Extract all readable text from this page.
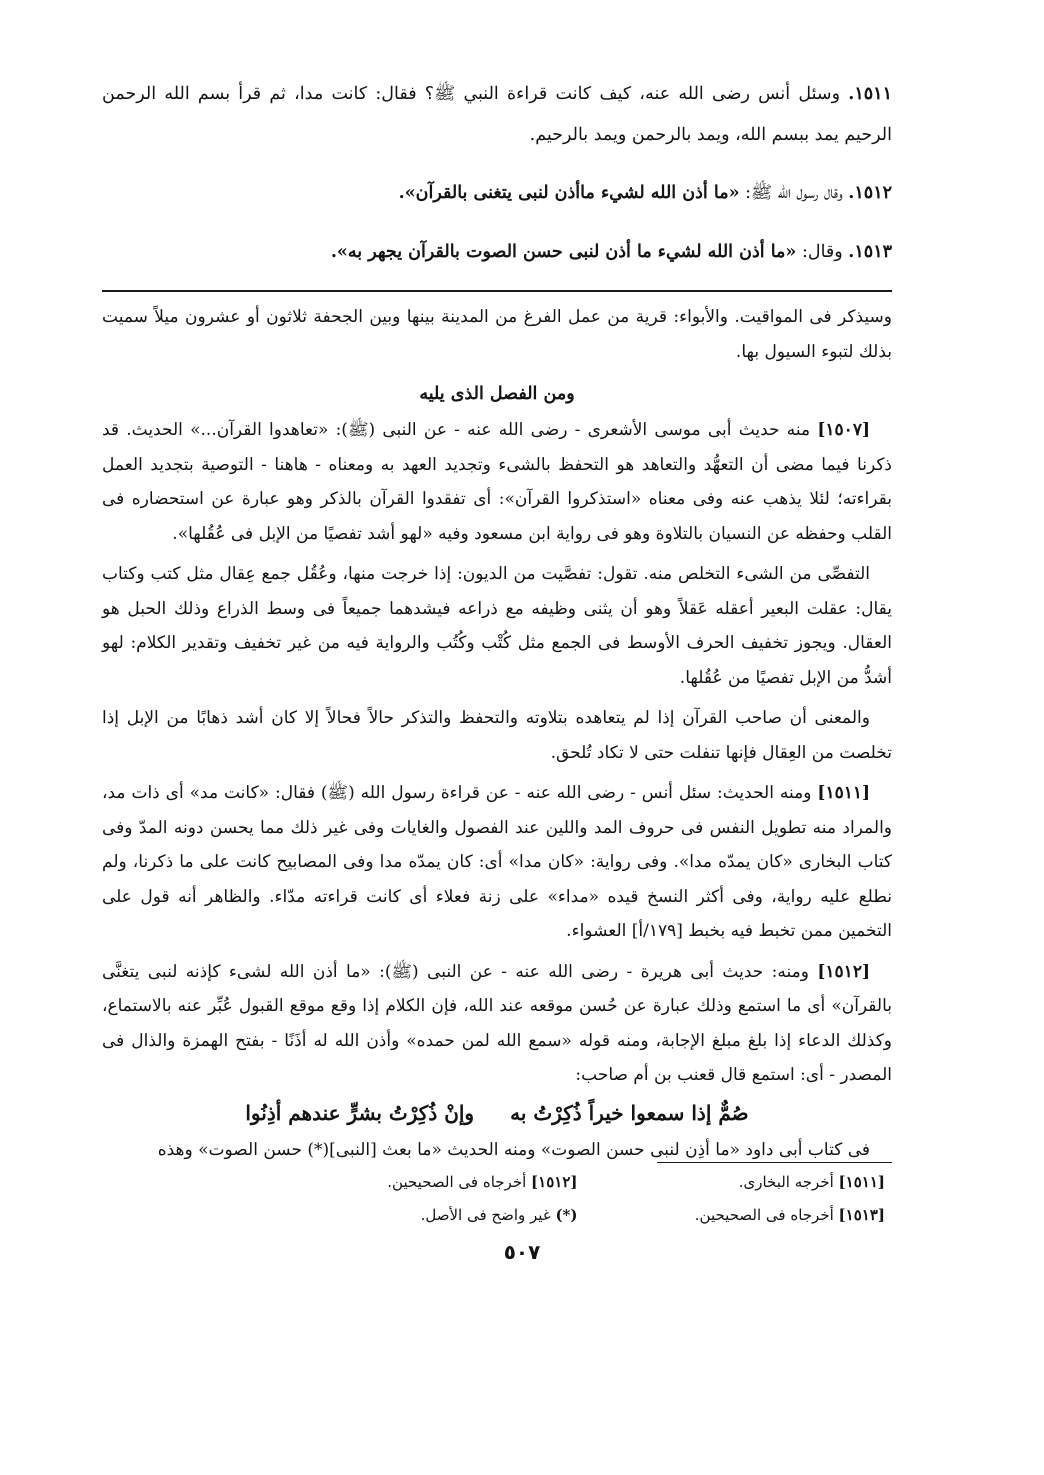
١٥١١. وسئل أنس رضى الله عنه، كيف كانت قراءة النبي ﷺ؟ فقال: كانت مدا، ثم قرأ بسم الله الرحمن الرحيم يمد ببسم الله، ويمد بالرحمن ويمد بالرحيم.

١٥١٢. وقال رسول الله ﷺ: «ما أذن الله لشيء ماأذن لنبى يتغنى بالقرآن».

١٥١٣. وقال: «ما أذن الله لشيء ما أذن لنبى حسن الصوت بالقرآن يجهر به».

وسيذكر فى المواقيت. والأبواء: قرية من عمل الفرغ من المدينة بينها وبين الجحفة ثلاثون أو عشرون ميلاً سميت بذلك لتبوء السيول بها.

ومن الفصل الذى يليه

[١٥٠٧] منه حديث أبى موسى الأشعرى - رضى الله عنه - عن النبى (ﷺ): «تعاهدوا القرآن...» الحديث. قد ذكرنا فيما مضى أن التعهُّد والتعاهد هو التحفظ بالشىء وتجديد العهد به ومعناه - هاهنا - التوصية بتجديد العمل بقراءته؛ لئلا يذهب عنه وفى معناه «استذكروا القرآن»: أى تفقدوا القرآن بالذكر وهو عبارة عن استحضاره فى القلب وحفظه عن النسيان بالتلاوة وهو فى رواية ابن مسعود وفيه «لهو أشد تفصيًا من الإبل فى عُقُلها».

التفصِّى من الشىء التخلص منه. تقول: تفصَّيت من الديون: إذا خرجت منها، وعُقُل جمع عِقال مثل كتب وكتاب يقال: عقلت البعير أعقله عَقلاً وهو أن يثنى وظيفه مع ذراعه فيشدهما جميعاً فى وسط الذراع وذلك الحبل هو العقال. ويجوز تخفيف الحرف الأوسط فى الجمع مثل كُتْب وكُتُب والرواية فيه من غير تخفيف وتقدير الكلام: لهو أشدُّ من الإبل تفصيًا من عُقُلها.

والمعنى أن صاحب القرآن إذا لم يتعاهده بتلاوته والتحفظ والتذكر حالاً فحالاً إلا كان أشد ذهابًا من الإبل إذا تخلصت من العِقال فإنها تنفلت حتى لا تكاد تُلحق.

[١٥١١] ومنه الحديث: سئل أنس - رضى الله عنه - عن قراءة رسول الله (ﷺ) فقال: «كانت مد» أى ذات مد، والمراد منه تطويل النفس فى حروف المد واللين عند الفصول والغايات وفى غير ذلك مما يحسن دونه المدّ وفى كتاب البخارى «كان يمدّه مدا». وفى رواية: «كان مدا» أى: كان يمدّه مدا وفى المصابيح كانت على ما ذكرنا، ولم نطلع عليه رواية، وفى أكثر النسخ قيده «مداء» على زنة فعلاء أى كانت قراءته مدّاء. والظاهر أنه قول على التخمين ممن تخبط فيه بخبط [١٧٩/أ] العشواء.

[١٥١٢] ومنه: حديث أبى هريرة - رضى الله عنه - عن النبى (ﷺ): «ما أذن الله لشىء كإذنه لنبى يتغنَّى بالقرآن» أى ما استمع وذلك عبارة عن حُسن موقعه عند الله، فإن الكلام إذا وقع موقع القبول عُبِّر عنه بالاستماع، وكذلك الدعاء إذا بلغ مبلغ الإجابة، ومنه قوله «سمع الله لمن حمده» وأذن الله له أذَنًا - بفتح الهمزة والذال فى المصدر - أى: استمع قال قعنب بن أم صاحب:

صُمٌّ إذا سمعوا خيراً ذُكِرْتُ به
وإنْ ذُكِرْتُ بشرٍّ عندهم أذِنُوا

فى كتاب أبى داود «ما أذِن لنبى حسن الصوت» ومنه الحديث «ما بعث [النبى](*) حسن الصوت» وهذه

[١٥١١] أخرجه البخارى.
[١٥١٢] أخرجاه فى الصحيحين.
[١٥١٣] أخرجاه فى الصحيحين.
(*) غير واضح فى الأصل.
٥٠٧
